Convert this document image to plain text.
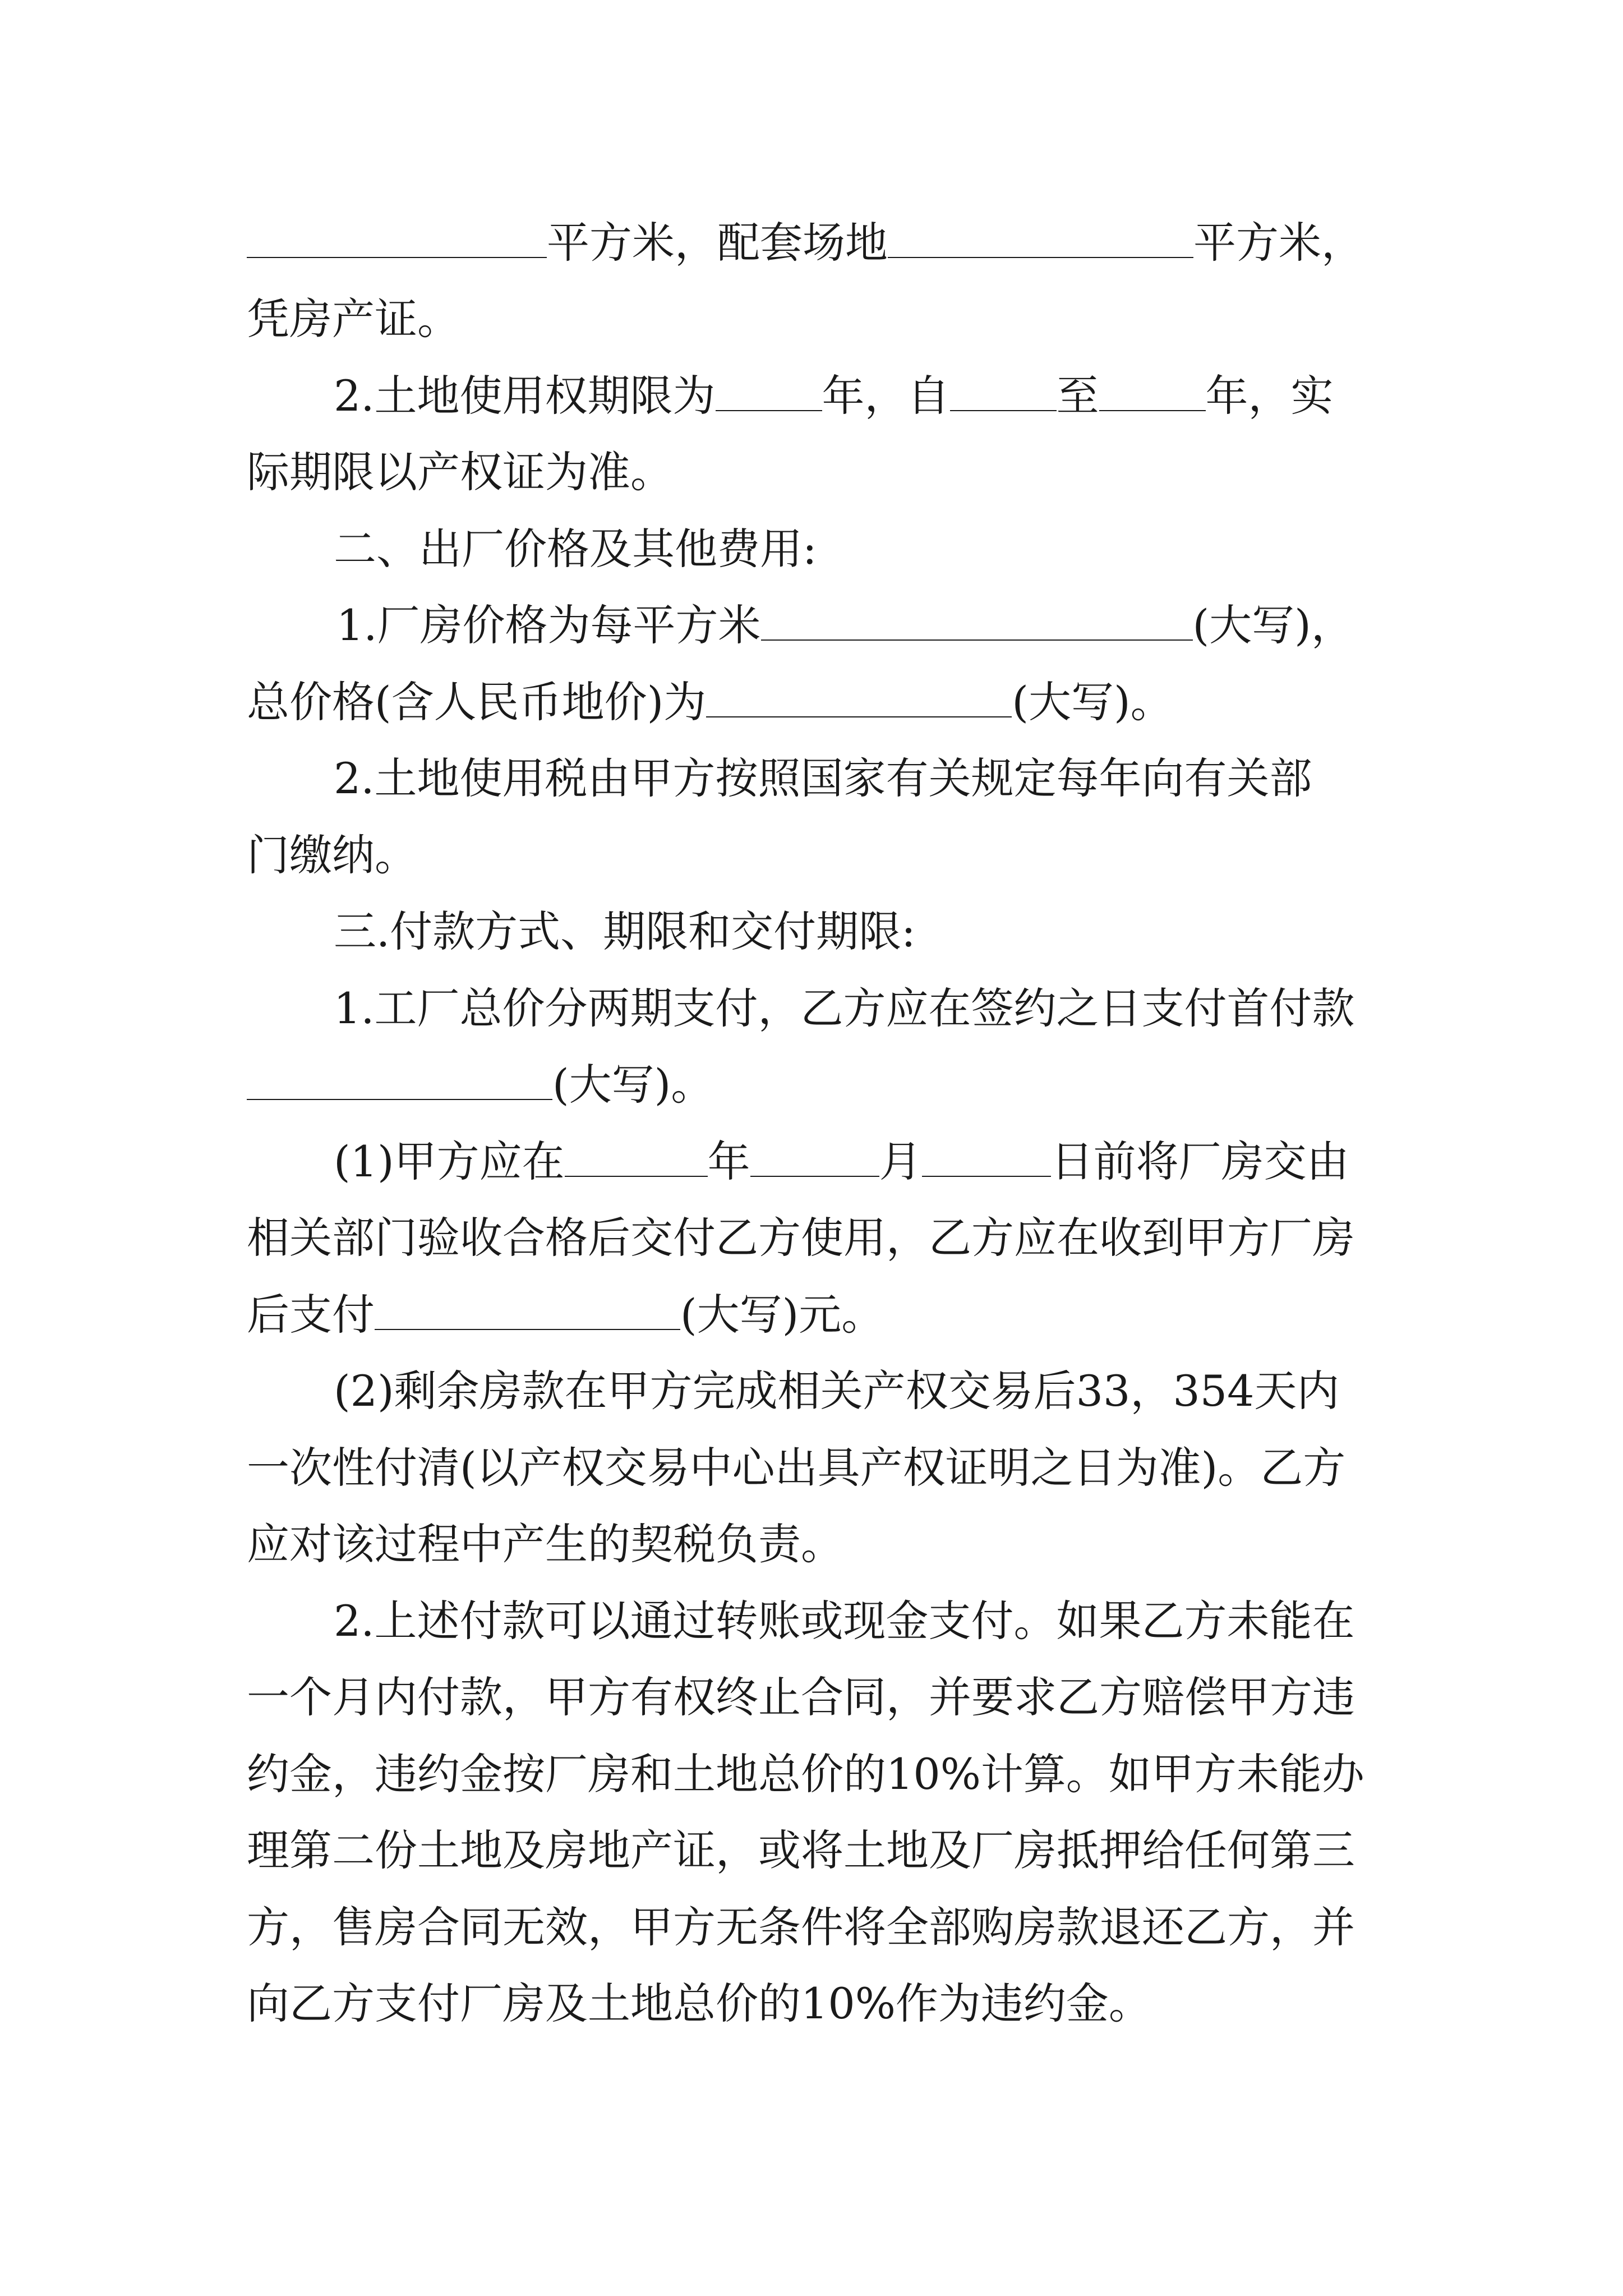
平方米，配套场地	平方米，
凭房产证。
2.土地使用权期限为	年，自	至	年，实
际期限以产权证为准。
二、出厂价格及其他费用:
1.厂房价格为每平方米	(大写)，
总价格(含人民币地价)为	(大写)。
2.土地使用税由甲方按照国家有关规定每年向有关部
门缴纳。
三.付款方式、期限和交付期限:
1.工厂总价分两期支付，乙方应在签约之日支付首付款
(大写)。
(1)甲方应在	年	月	日前将厂房交由
相关部门验收合格后交付乙方使用，乙方应在收到甲方厂房
后支付	(大写)元。
(2)剩余房款在甲方完成相关产权交易后33，354天内
一次性付清(以产权交易中心出具产权证明之日为准)。乙方
应对该过程中产生的契税负责。
2.上述付款可以通过转账或现金支付。如果乙方未能在
一个月内付款，甲方有权终止合同，并要求乙方赔偿甲方违
约金，违约金按厂房和土地总价的10%计算。如甲方未能办
理第二份土地及房地产证，或将土地及厂房抵押给任何第三
方，售房合同无效，甲方无条件将全部购房款退还乙方，并
向乙方支付厂房及土地总价的10%作为违约金。
